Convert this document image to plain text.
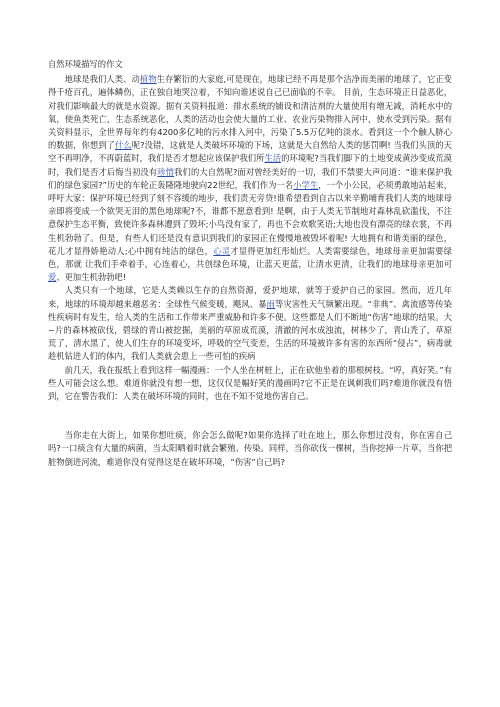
自然环境描写的作文

地球是我们人类、动植物生存繁衍的大家庭,可是现在，地球已经不再是那个洁净而美丽的地球了，它正变得千疮百孔，遍体鳞伤，正在独自地哭泣着，不知向谁述说自己已面临的不幸。 目前，生态环境正日益恶化，对我们影响最大的就是水资源。据有关资料报道：排水系统的铺设和清洁剂的大量使用有增无减，消耗水中的氧，使鱼类死亡，生态系统恶化，人类的活动也会使大量的工业、农业污染物排入河中，使水受到污染。据有关资料显示，全世界每年约有4200多亿吨的污水排入河中，污染了5.5万亿吨的淡水。看到这一个个触人脐心的数据，你想到了什么呢?没错，这就是人类破坏环境的下场，这就是大自然给人类的惩罚啊! 当我们头顶的天空不再明净，不再蔚蓝时，我们是否才想起应该保护我们所生活的环境呢?当我们脚下的土地变成黄沙变成荒漠时，我们是否才后悔当初没有珍惜我们的大自然呢?面对曾经美好的一切，我们不禁要大声问道：“谁来保护我们的绿色家园?”历史的车轮正轰隆隆地驶向22世纪，我们作为一名小学生，一个小公民，必须勇敢地站起来，呼吁大家：保护环境已经到了刻不容缓的地步，我们责无旁贷!谁希望看到自古以来辛勤哺育我们人类的地球母亲即将变成一个欲哭无泪的黑色地球呢?不，谁都不愿意看到! 是啊，由于人类无节制地对森林乱砍滥伐，不注意保护生态平衡，致使许多森林遭到了毁坏;小鸟没有家了，再也不会欢歌笑语;大地也没有漂亮的绿衣裳，不再生机勃勃了。但是，有些人们还是没有意识到我们的家园正在慢慢地被毁坏着呢! 大地拥有和谐美丽的绿色，花儿才显得娇艳动人;心中拥有纯洁的绿色，心灵才显得更加红彤灿烂。人类需要绿色，地球母亲更加需要绿色，那就 让我们手牵着手，心连着心，共创绿色环境，让蓝天更蓝，让清水更清，让我们的地球母亲更加可爱、更加生机勃勃吧!

人类只有一个地球，它是人类赖以生存的自然资源，爱护地球，就等于爱护自己的家园。然而，近几年来，地球的环境却越来越恶劣：全球性气候变暖，飓风、暴雨等灾害性天气频繁出现。“非典”、禽流感等传染性疾病时有发生，给人类的生活和工作带来严重威胁和许多不便。这些都是人们不断地“伤害”地球的结果。大~片的森林被砍伐，碧绿的青山被挖掘，美丽的草原成荒漠，清澈的河水成浊流，树林少了，青山秃了，草原荒了，清水黑了，使人们生存的环境变坏，呼吸的空气变差，生活的环境被许多有害的东西所“侵占”，病毒就趁机钻进人们的体内，我们人类就会患上一些可怕的疾病

前几天，我在报纸上看到这样一幅漫画：一个人坐在树桩上，正在砍他坐着的那根树枝。“哼，真好笑。”有些人可能会这么想。难道你就没有想一想，这仅仅是幅好笑的漫画吗?它不正是在讽刺我们吗?难道你就没有悟到，它在警告我们：人类在破坏环境的同时，也在不知不觉地伤害自己。

当你走在大街上，如果你想吐痰，你会怎么做呢?如果你选择了吐在地上，那么你想过没有，你在害自己吗?一口痰含有大量的病菌，当太阳晒着时就会繁殖、传染。同样，当你砍伐一棵树，当你挖掉一片草，当你把脏物倒进河流，难道你没有觉得这是在破坏环境，“伤害”自己吗?
